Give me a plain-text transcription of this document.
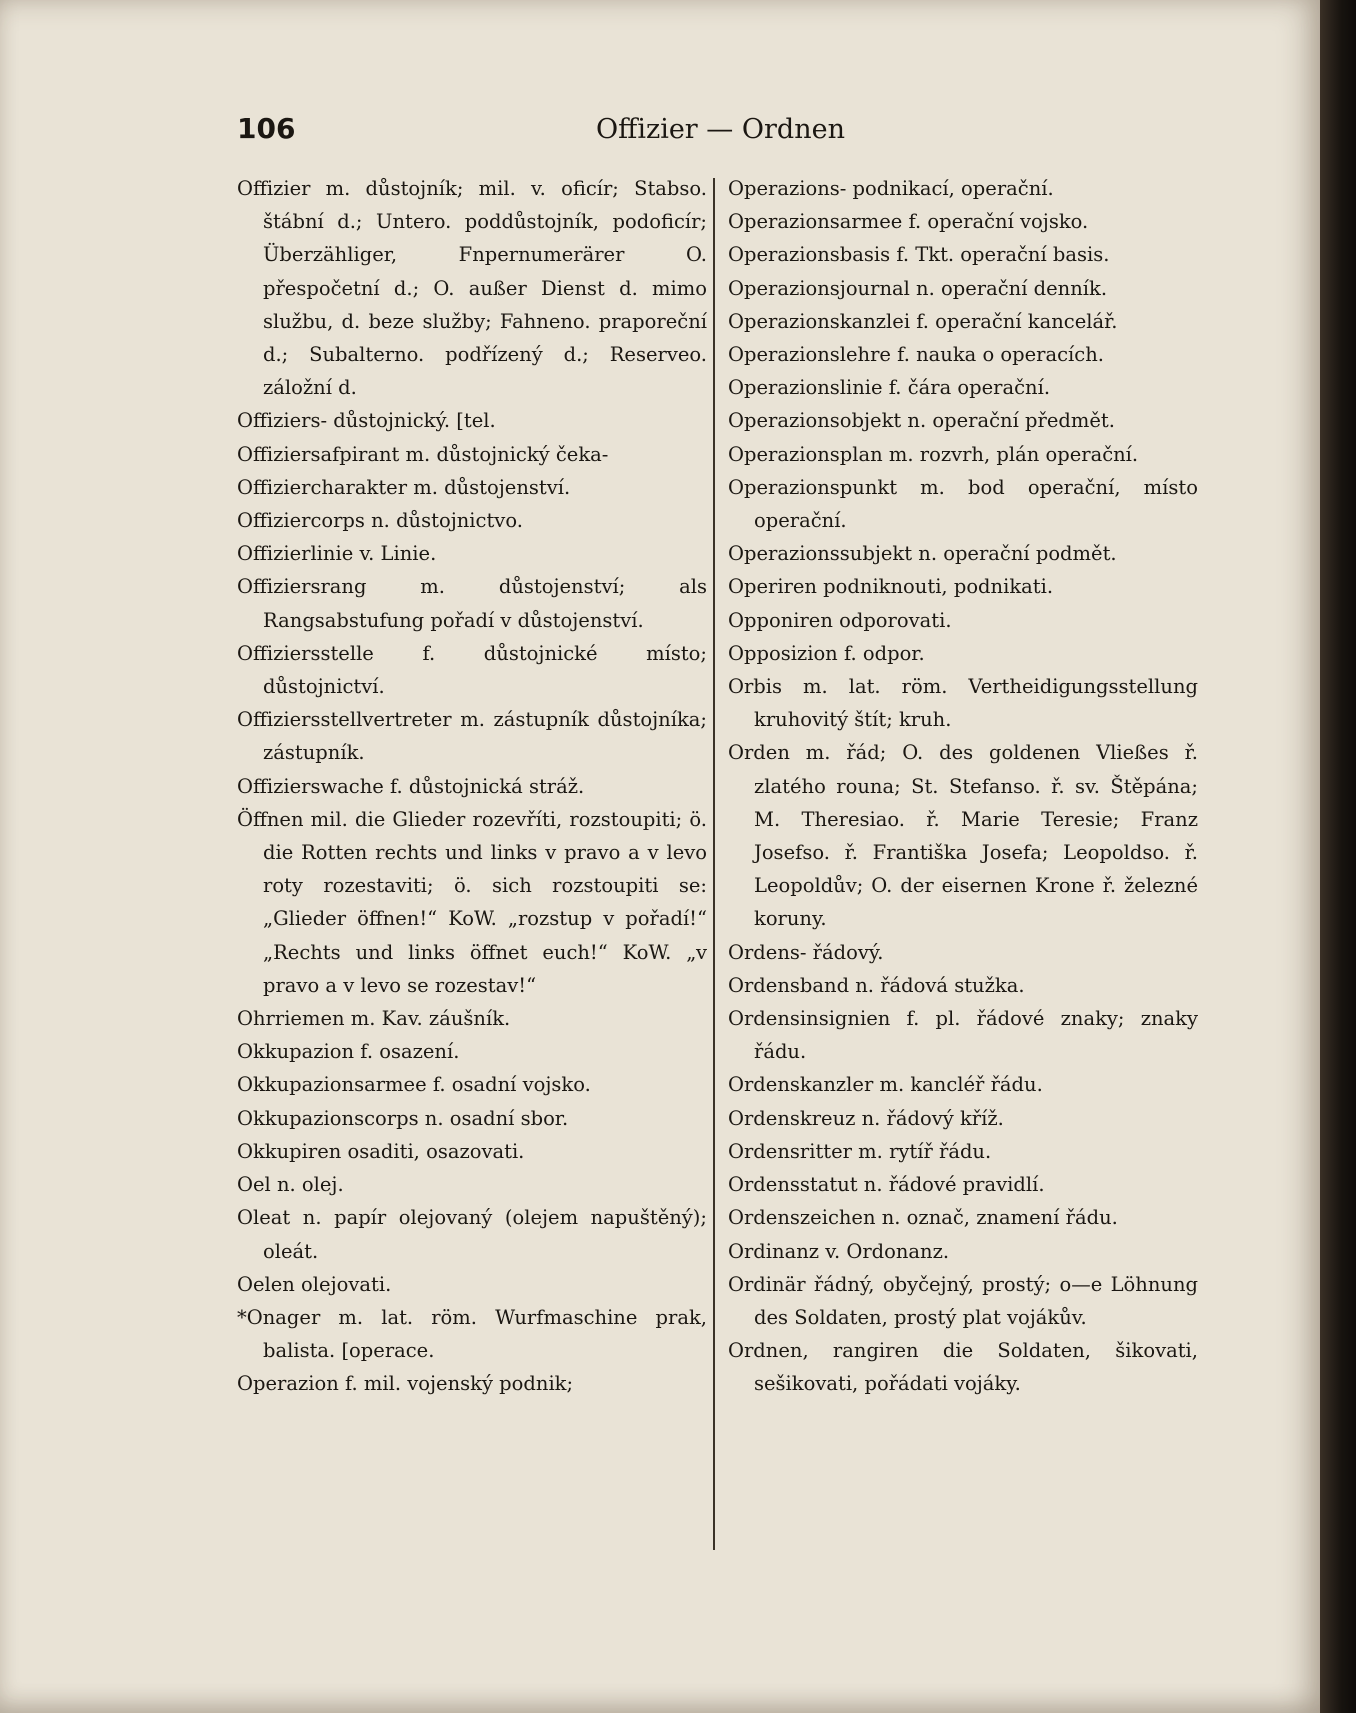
106	Offizier — Ordnen

Offizier m. důstojník; mil. v. oficír; Stabso. štábní d.; Untero. poddůstojník, podoficír; Überzähliger, Fnpernumerärer O. přespočetní d.; O. außer Dienst d. mimo službu, d. beze služby; Fahneno. praporeční d.; Subalterno. podřízený d.; Reserveo. záložní d.

Offiziers- důstojnický. [tel.

Offiziersafpirant m. důstojnický čeka-

Offiziercharakter m. důstojenství.

Offiziercorps n. důstojnictvo.

Offizierlinie v. Linie.

Offiziersrang m. důstojenství; als Rangsabstufung pořadí v důstojenství.

Offiziersstelle f. důstojnické místo; důstojnictví.

Offiziersstellvertreter m. zástupník důstojníka; zástupník.

Offizierswache f. důstojnická stráž.

Öffnen mil. die Glieder rozevříti, rozstoupiti; ö. die Rotten rechts und links v pravo a v levo roty rozestaviti; ö. sich rozstoupiti se: „Glieder öffnen!“ KoW. „rozstup v pořadí!“ „Rechts und links öffnet euch!“ KoW. „v pravo a v levo se rozestav!“

Ohrriemen m. Kav. záušník.

Okkupazion f. osazení.

Okkupazionsarmee f. osadní vojsko.

Okkupazionscorps n. osadní sbor.

Okkupiren osaditi, osazovati.

Oel n. olej.

Oleat n. papír olejovaný (olejem napuštěný); oleát.

Oelen olejovati.

*Onager m. lat. röm. Wurfmaschine prak, balista. [operace.

Operazion f. mil. vojenský podnik;

Operazions- podnikací, operační.

Operazionsarmee f. operační vojsko.

Operazionsbasis f. Tkt. operační basis.

Operazionsjournal n. operační denník.

Operazionskanzlei f. operační kancelář.

Operazionslehre f. nauka o operacích.

Operazionslinie f. čára operační.

Operazionsobjekt n. operační předmět.

Operazionsplan m. rozvrh, plán operační.

Operazionspunkt m. bod operační, místo operační.

Operazionssubjekt n. operační podmět.

Operiren podniknouti, podnikati.

Opponiren odporovati.

Opposizion f. odpor.

Orbis m. lat. röm. Vertheidigungsstellung kruhovitý štít; kruh.

Orden m. řád; O. des goldenen Vließes ř. zlatého rouna; St. Stefanso. ř. sv. Štěpána; M. Theresiao. ř. Marie Teresie; Franz Josefso. ř. Františka Josefa; Leopoldso. ř. Leopoldův; O. der eisernen Krone ř. železné koruny.

Ordens- řádový.

Ordensband n. řádová stužka.

Ordensinsignien f. pl. řádové znaky; znaky řádu.

Ordenskanzler m. kancléř řádu.

Ordenskreuz n. řádový kříž.

Ordensritter m. rytíř řádu.

Ordensstatut n. řádové pravidlí.

Ordenszeichen n. označ, znamení řádu.

Ordinanz v. Ordonanz.

Ordinär řádný, obyčejný, prostý; o—e Löhnung des Soldaten, prostý plat vojákův.

Ordnen, rangiren die Soldaten, šikovati, sešikovati, pořádati vojáky.
